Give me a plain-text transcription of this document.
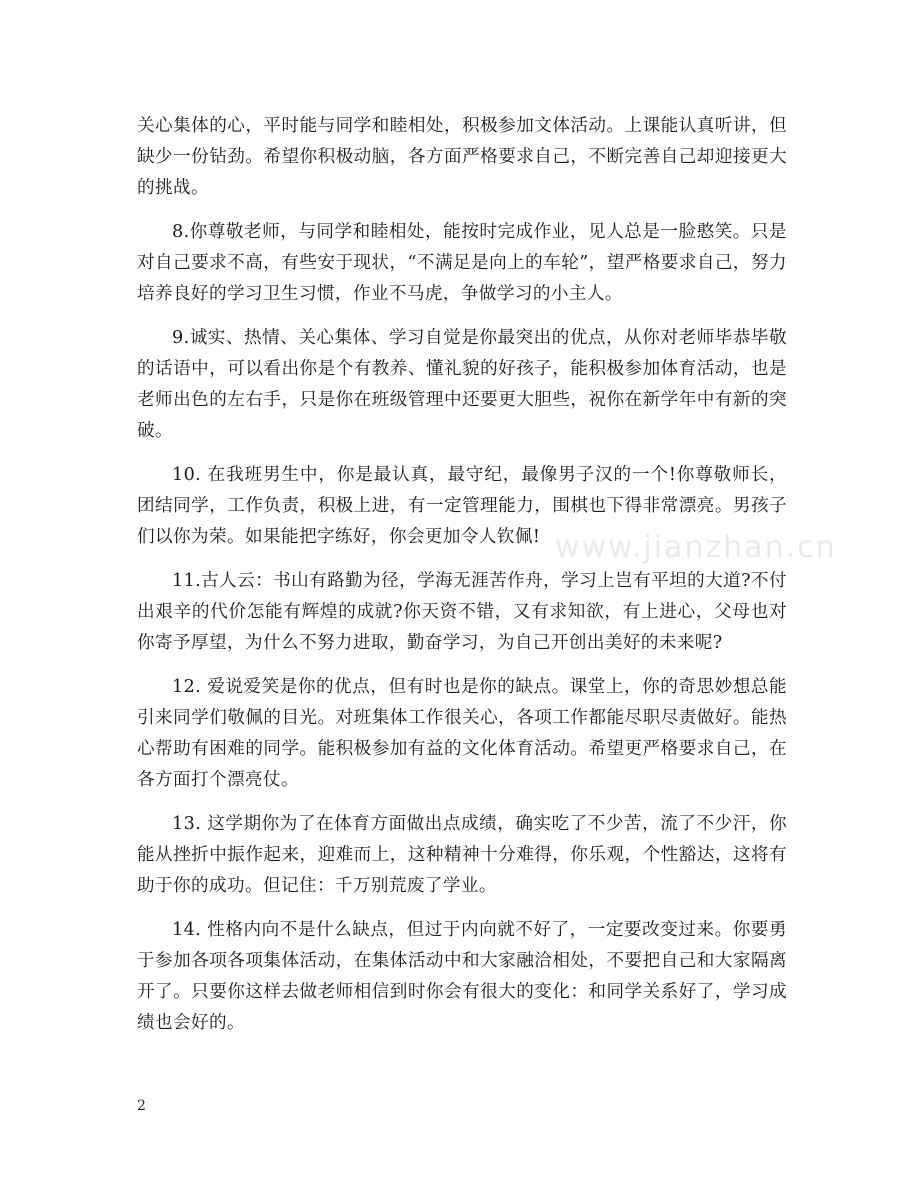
关心集体的心，平时能与同学和睦相处，积极参加文体活动。上课能认真听讲，但缺少一份钻劲。希望你积极动脑，各方面严格要求自己，不断完善自己却迎接更大的挑战。

8.你尊敬老师，与同学和睦相处，能按时完成作业，见人总是一脸憨笑。只是对自己要求不高，有些安于现状，“不满足是向上的车轮”，望严格要求自己，努力培养良好的学习卫生习惯，作业不马虎，争做学习的小主人。

9.诚实、热情、关心集体、学习自觉是你最突出的优点，从你对老师毕恭毕敬的话语中，可以看出你是个有教养、懂礼貌的好孩子，能积极参加体育活动，也是老师出色的左右手，只是你在班级管理中还要更大胆些，祝你在新学年中有新的突破。

10. 在我班男生中，你是最认真，最守纪，最像男子汉的一个!你尊敬师长，团结同学，工作负责，积极上进，有一定管理能力，围棋也下得非常漂亮。男孩子们以你为荣。如果能把字练好，你会更加令人钦佩!

11.古人云：书山有路勤为径，学海无涯苦作舟，学习上岂有平坦的大道?不付出艰辛的代价怎能有辉煌的成就?你天资不错，又有求知欲，有上进心，父母也对你寄予厚望，为什么不努力进取，勤奋学习，为自己开创出美好的未来呢?

12. 爱说爱笑是你的优点，但有时也是你的缺点。课堂上，你的奇思妙想总能引来同学们敬佩的目光。对班集体工作很关心，各项工作都能尽职尽责做好。能热心帮助有困难的同学。能积极参加有益的文化体育活动。希望更严格要求自己，在各方面打个漂亮仗。

13. 这学期你为了在体育方面做出点成绩，确实吃了不少苦，流了不少汗，你能从挫折中振作起来，迎难而上，这种精神十分难得，你乐观，个性豁达，这将有助于你的成功。但记住：千万别荒废了学业。

14. 性格内向不是什么缺点，但过于内向就不好了，一定要改变过来。你要勇于参加各项各项集体活动，在集体活动中和大家融洽相处，不要把自己和大家隔离开了。只要你这样去做老师相信到时你会有很大的变化：和同学关系好了，学习成绩也会好的。

www.jianzhan.cn
2
